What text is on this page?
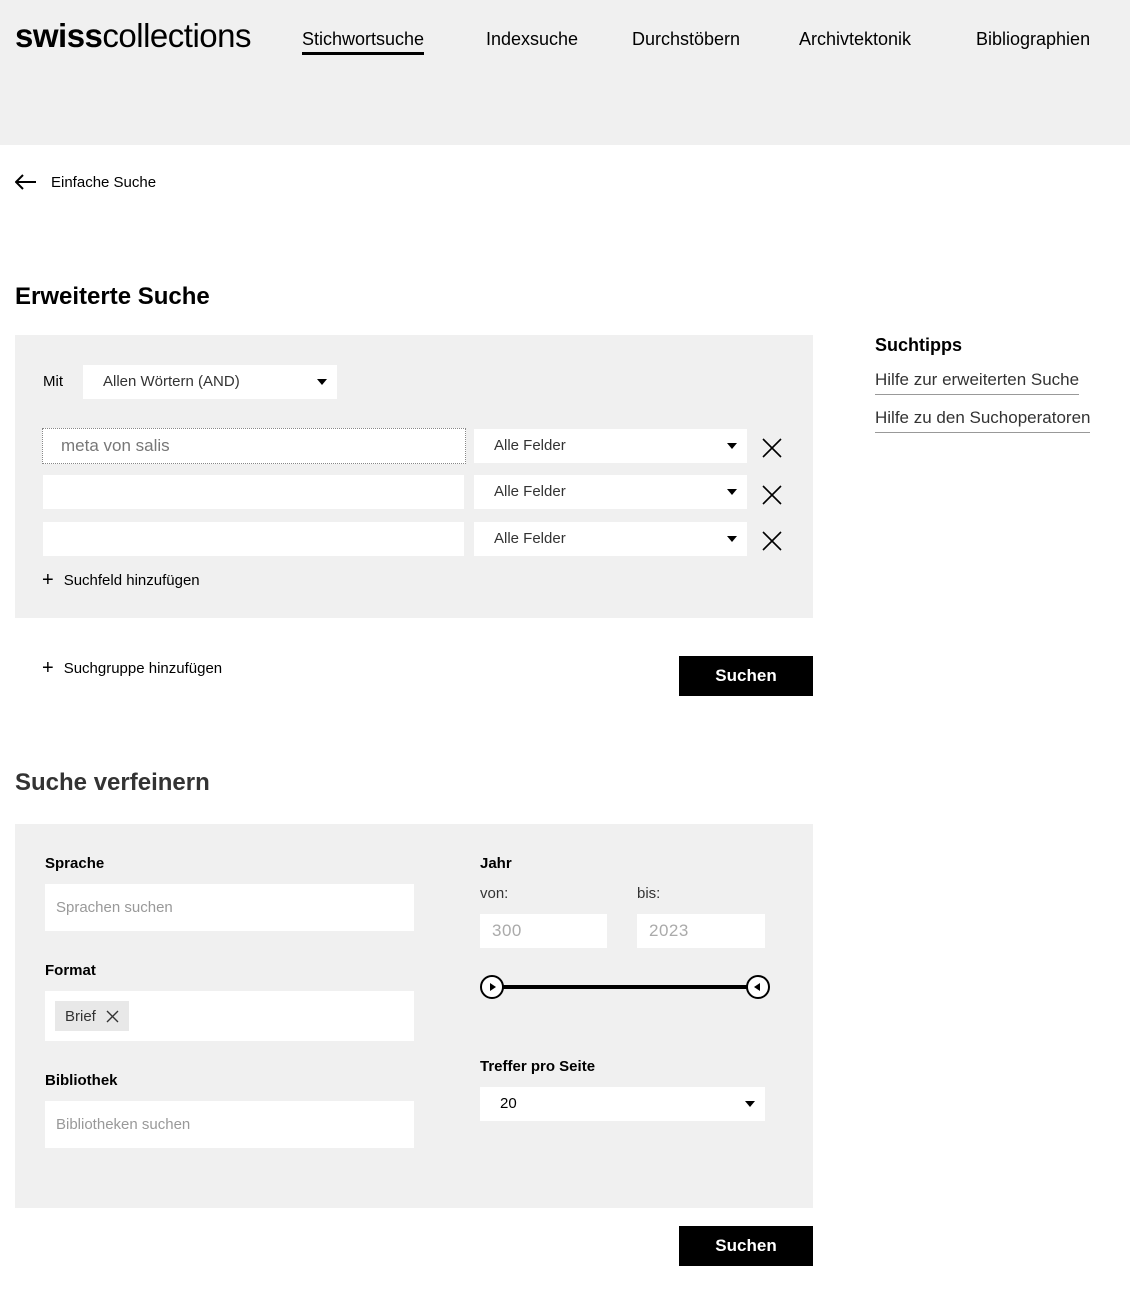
swisscollections	Stichwortsuche	Indexsuche	Durchstöbern	Archivtektonik	Bibliographien
Einfache Suche
Erweiterte Suche
Mit	Allen Wörtern (AND)
meta von salis
Alle Felder
Alle Felder
Alle Felder
+ Suchfeld hinzufügen
+ Suchgruppe hinzufügen	Suchen
Suchtipps
Hilfe zur erweiterten Suche
Hilfe zu den Suchoperatoren
Suche verfeinern
Sprache
Sprachen suchen
Format
Brief
Bibliothek
Bibliotheken suchen
Jahr
von:	bis:
300	2023
Treffer pro Seite
20
Suchen
